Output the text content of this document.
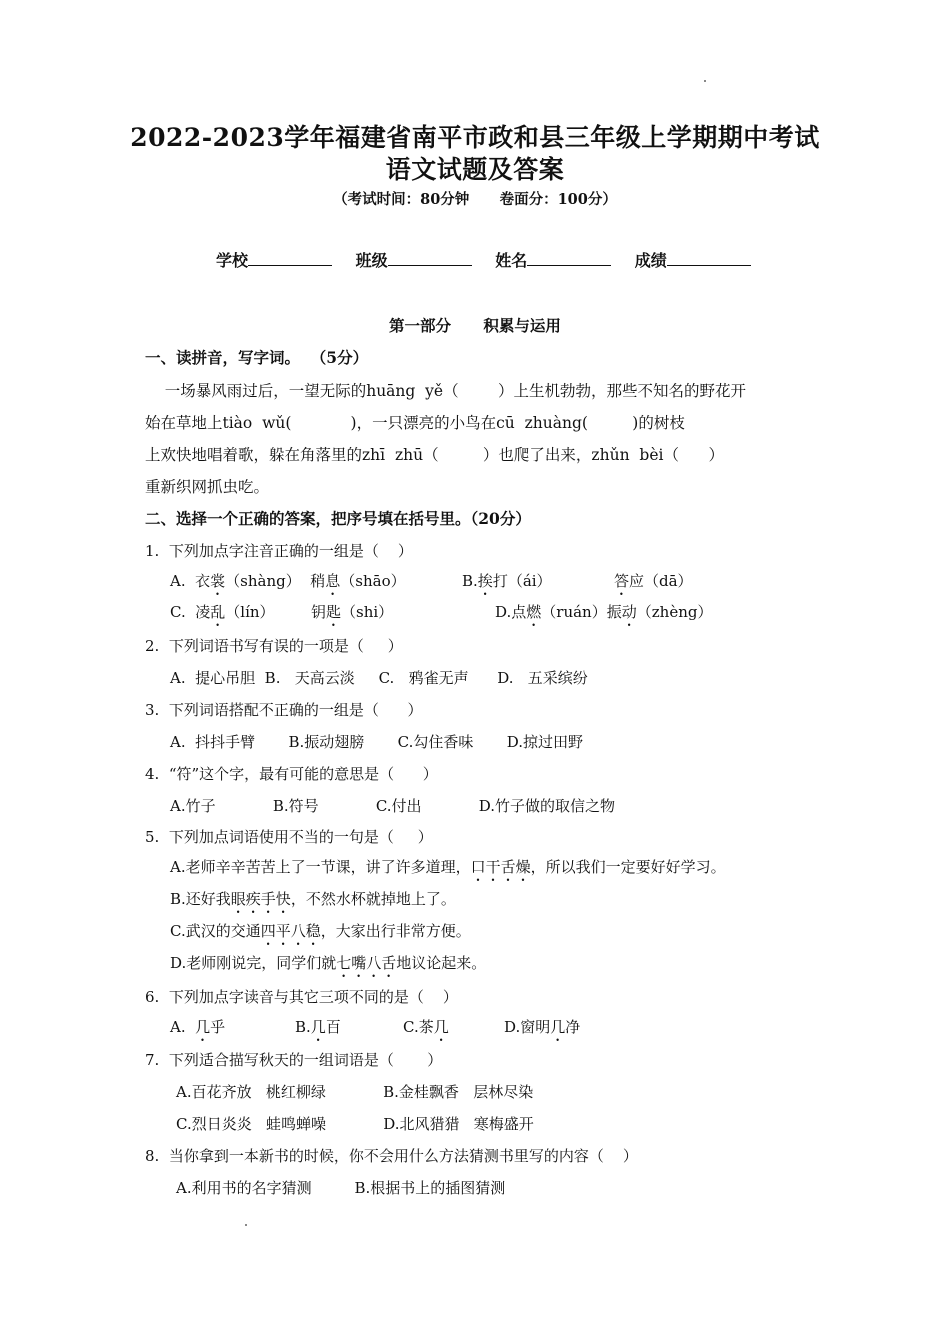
2022-2023学年福建省南平市政和县三年级上学期期中考试
语文试题及答案
（考试时间：80分钟      卷面分：100分）
学校	班级	姓名	成绩
第一部分      积累与运用
一、读拼音，写字词。  （5分）
一场暴风雨过后，一望无际的huāng  yě（        ）上生机勃勃，那些不知名的野花开
始在草地上tiào  wǔ(            )，一只漂亮的小鸟在cū  zhuàng(         )的树枝
上欢快地唱着歌，躲在角落里的zhī  zhū（         ）也爬了出来，zhǔn  bèi（      ）
重新织网抓虫吃。
二、选择一个正确的答案，把序号填在括号里。（20分）
1.  下列加点字注音正确的一组是（    ）
A.  衣裳（shàng）  稍息（shāo）	B.挨打（ái）	答应（dā）
C.  凌乱（lín） 钥匙（shi）	D.点燃（ruán）振动（zhèng）
2.  下列词语书写有误的一项是（     ）
A.  提心吊胆  B.   天高云淡     C.   鸦雀无声      D.   五采缤纷
3.  下列词语搭配不正确的一组是（      ）
A.  抖抖手臂       B.振动翅膀       C.勾住香味       D.掠过田野
4.  “符”这个字，最有可能的意思是（      ）
A.竹子            B.符号            C.付出            D.竹子做的取信之物
5.  下列加点词语使用不当的一句是（     ）
A.老师辛辛苦苦上了一节课，讲了许多道理，口干舌燥，所以我们一定要好好学习。
B.还好我眼疾手快，不然水杯就掉地上了。
C.武汉的交通四平八稳，大家出行非常方便。
D.老师刚说完，同学们就七嘴八舌地议论起来。
6.  下列加点字读音与其它三项不同的是（    ）
A.  几乎	B.几百	C.茶几	D.窗明几净
7.  下列适合描写秋天的一组词语是（       ）
A.百花齐放   桃红柳绿            B.金桂飘香   层林尽染
C.烈日炎炎   蛙鸣蝉噪            D.北风猎猎   寒梅盛开
8.  当你拿到一本新书的时候，你不会用什么方法猜测书里写的内容（    ）
A.利用书的名字猜测         B.根据书上的插图猜测
